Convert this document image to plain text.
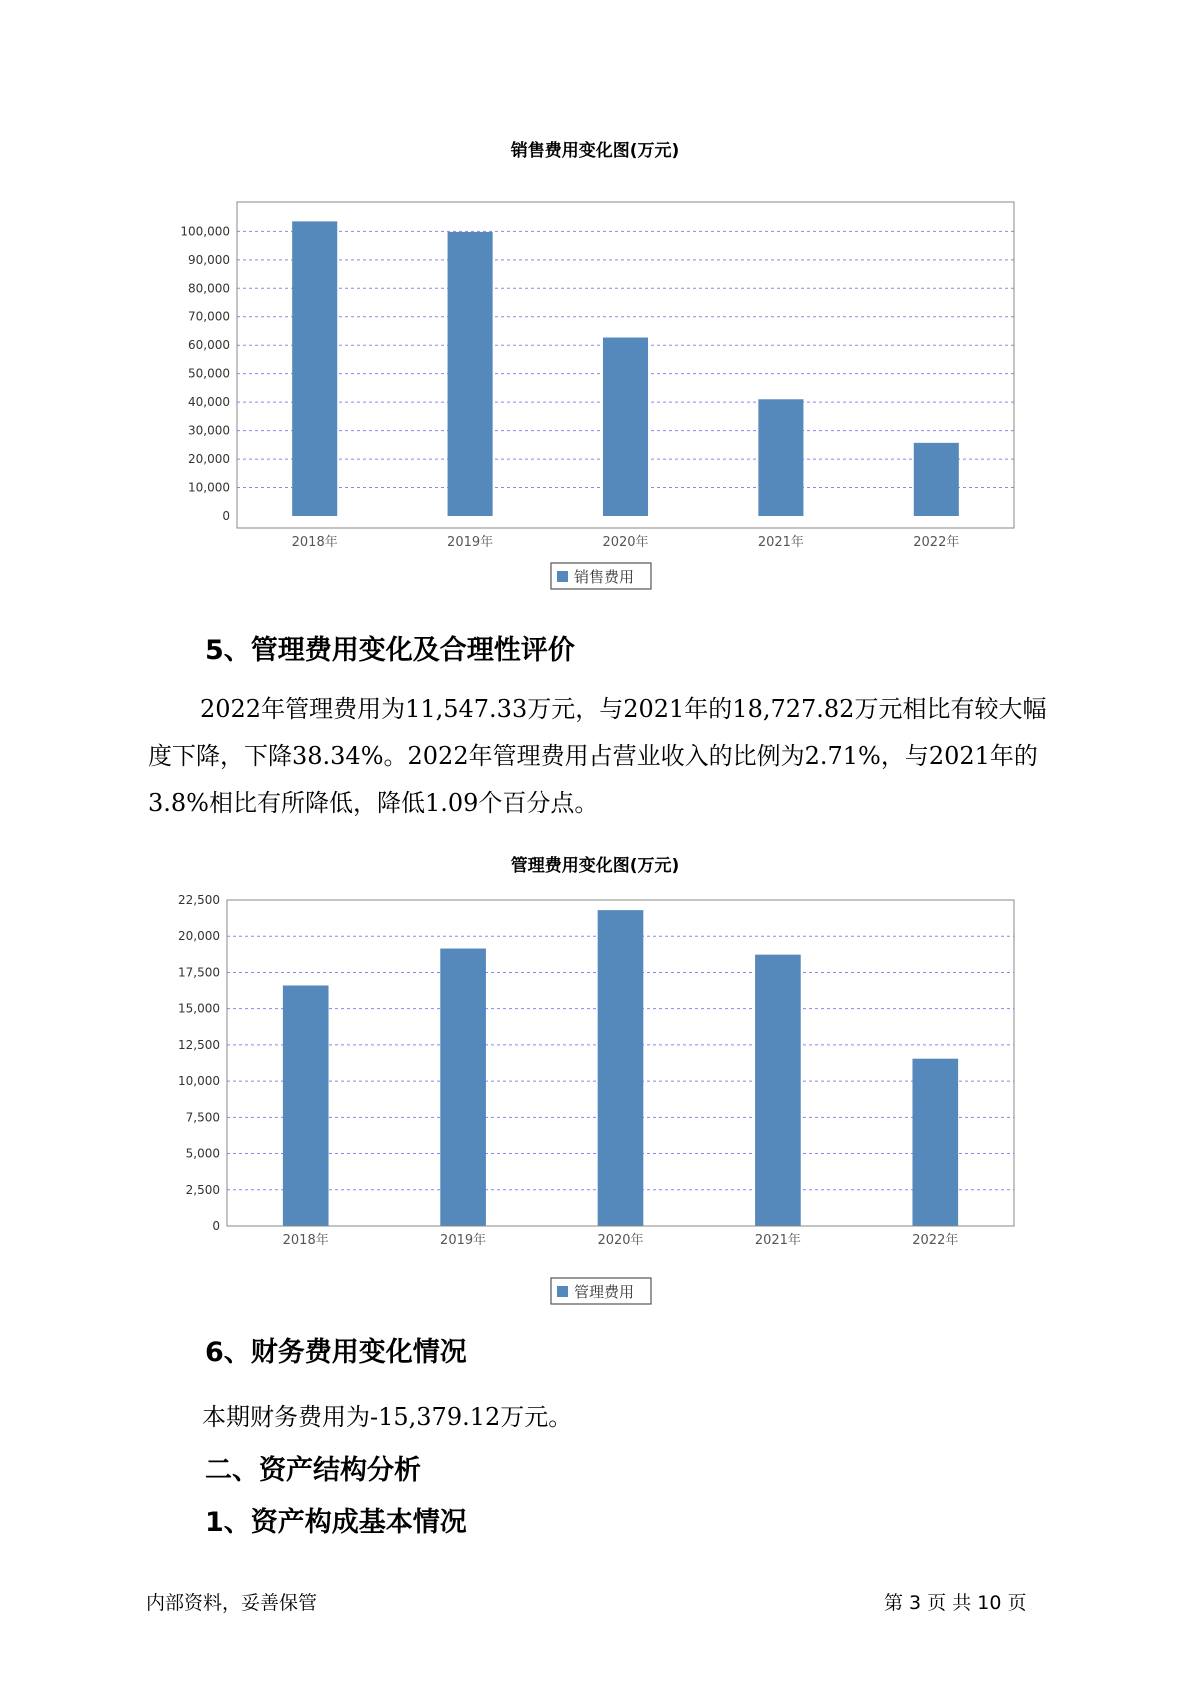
销售费用变化图(万元)
0
10,000
20,000
30,000
40,000
50,000
60,000
70,000
80,000
90,000
100,000
2018年	2019年	2020年	2021年	2022年
销售费用
5、管理费用变化及合理性评价

2022年管理费用为11,547.33万元，与2021年的18,727.82万元相比有较大幅度下降，下降38.34%。2022年管理费用占营业收入的比例为2.71%，与2021年的3.8%相比有所降低，降低1.09个百分点。

管理费用变化图(万元)
0
2,500
5,000
7,500
10,000
12,500
15,000
17,500
20,000
22,500
2018年	2019年	2020年	2021年	2022年
管理费用
6、财务费用变化情况

本期财务费用为-15,379.12万元。

二、资产结构分析
1、资产构成基本情况
内部资料，妥善保管	第 3 页 共 10 页
